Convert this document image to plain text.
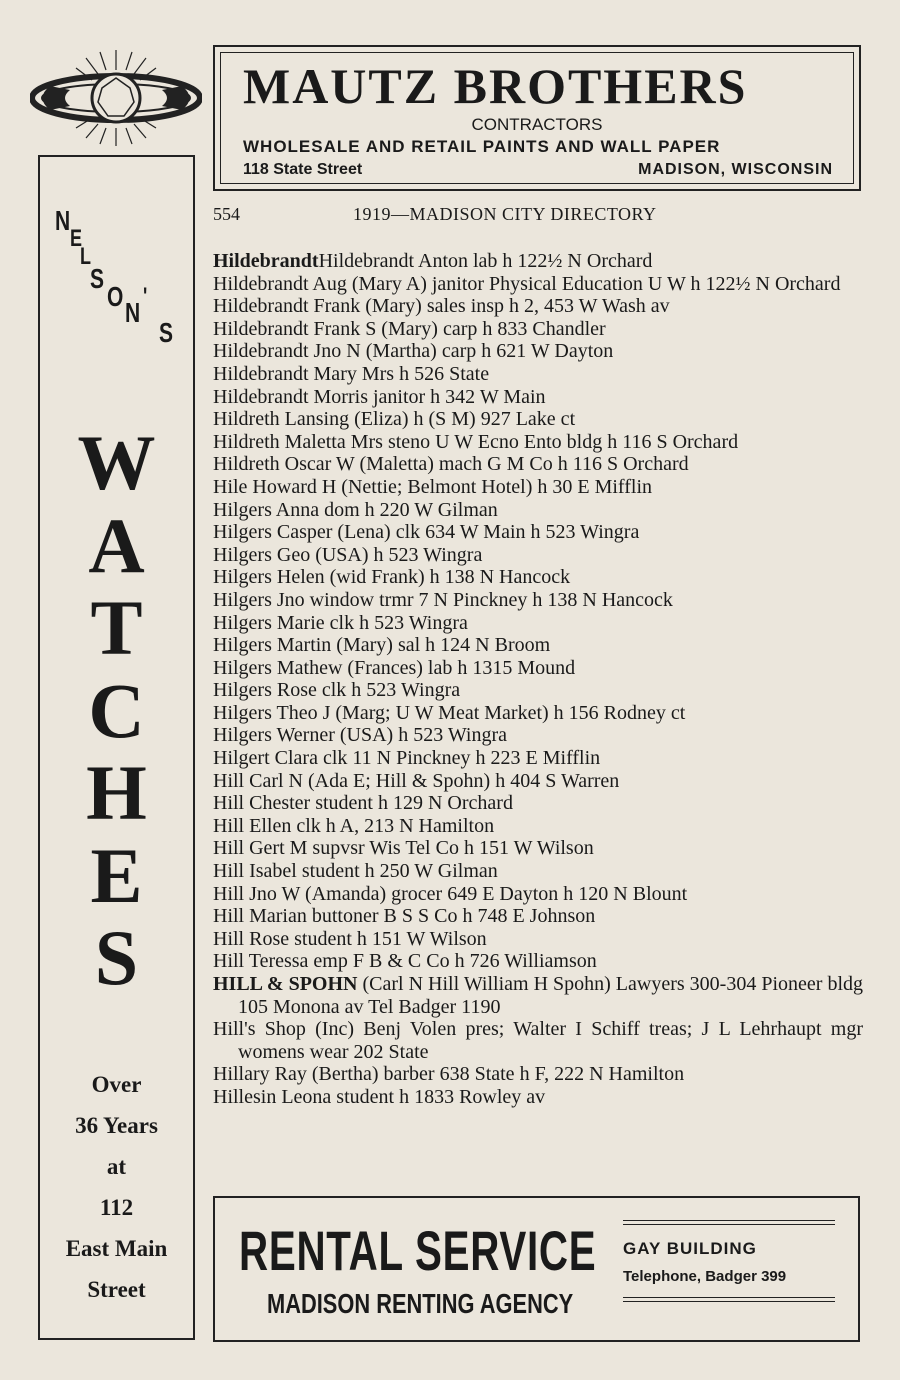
N
E
L
S
O
N
'
S
W
A
T
C
H
E
S
Over
36 Years
at
112
East Main
Street
MAUTZ BROTHERS
CONTRACTORS
WHOLESALE AND RETAIL PAINTS AND WALL PAPER
118 State Street	MADISON, WISCONSIN
554	1919—MADISON CITY DIRECTORY
HildebrandtHildebrandt Anton lab h 122½ N Orchard
Hildebrandt Aug (Mary A) janitor Physical Education U W h 122½ N Orchard
Hildebrandt Frank (Mary) sales insp h 2, 453 W Wash av
Hildebrandt Frank S (Mary) carp h 833 Chandler
Hildebrandt Jno N (Martha) carp h 621 W Dayton
Hildebrandt Mary Mrs h 526 State
Hildebrandt Morris janitor h 342 W Main
Hildreth Lansing (Eliza) h (S M) 927 Lake ct
Hildreth Maletta Mrs steno U W Ecno Ento bldg h 116 S Orchard
Hildreth Oscar W (Maletta) mach G M Co h 116 S Orchard
Hile Howard H (Nettie; Belmont Hotel) h 30 E Mifflin
Hilgers Anna dom h 220 W Gilman
Hilgers Casper (Lena) clk 634 W Main h 523 Wingra
Hilgers Geo (USA) h 523 Wingra
Hilgers Helen (wid Frank) h 138 N Hancock
Hilgers Jno window trmr 7 N Pinckney h 138 N Hancock
Hilgers Marie clk h 523 Wingra
Hilgers Martin (Mary) sal h 124 N Broom
Hilgers Mathew (Frances) lab h 1315 Mound
Hilgers Rose clk h 523 Wingra
Hilgers Theo J (Marg; U W Meat Market) h 156 Rodney ct
Hilgers Werner (USA) h 523 Wingra
Hilgert Clara clk 11 N Pinckney h 223 E Mifflin
Hill Carl N (Ada E; Hill & Spohn) h 404 S Warren
Hill Chester student h 129 N Orchard
Hill Ellen clk h A, 213 N Hamilton
Hill Gert M supvsr Wis Tel Co h 151 W Wilson
Hill Isabel student h 250 W Gilman
Hill Jno W (Amanda) grocer 649 E Dayton h 120 N Blount
Hill Marian buttoner B S S Co h 748 E Johnson
Hill Rose student h 151 W Wilson
Hill Teressa emp F B & C Co h 726 Williamson
HILL & SPOHN (Carl N Hill William H Spohn) Lawyers 300-304 Pioneer bldg 105 Monona av Tel Badger 1190
Hill's Shop (Inc) Benj Volen pres; Walter I Schiff treas; J L Lehrhaupt mgr womens wear 202 State
Hillary Ray (Bertha) barber 638 State h F, 222 N Hamilton
Hillesin Leona student h 1833 Rowley av
RENTAL SERVICE
MADISON RENTING AGENCY
GAY BUILDING
Telephone, Badger 399
